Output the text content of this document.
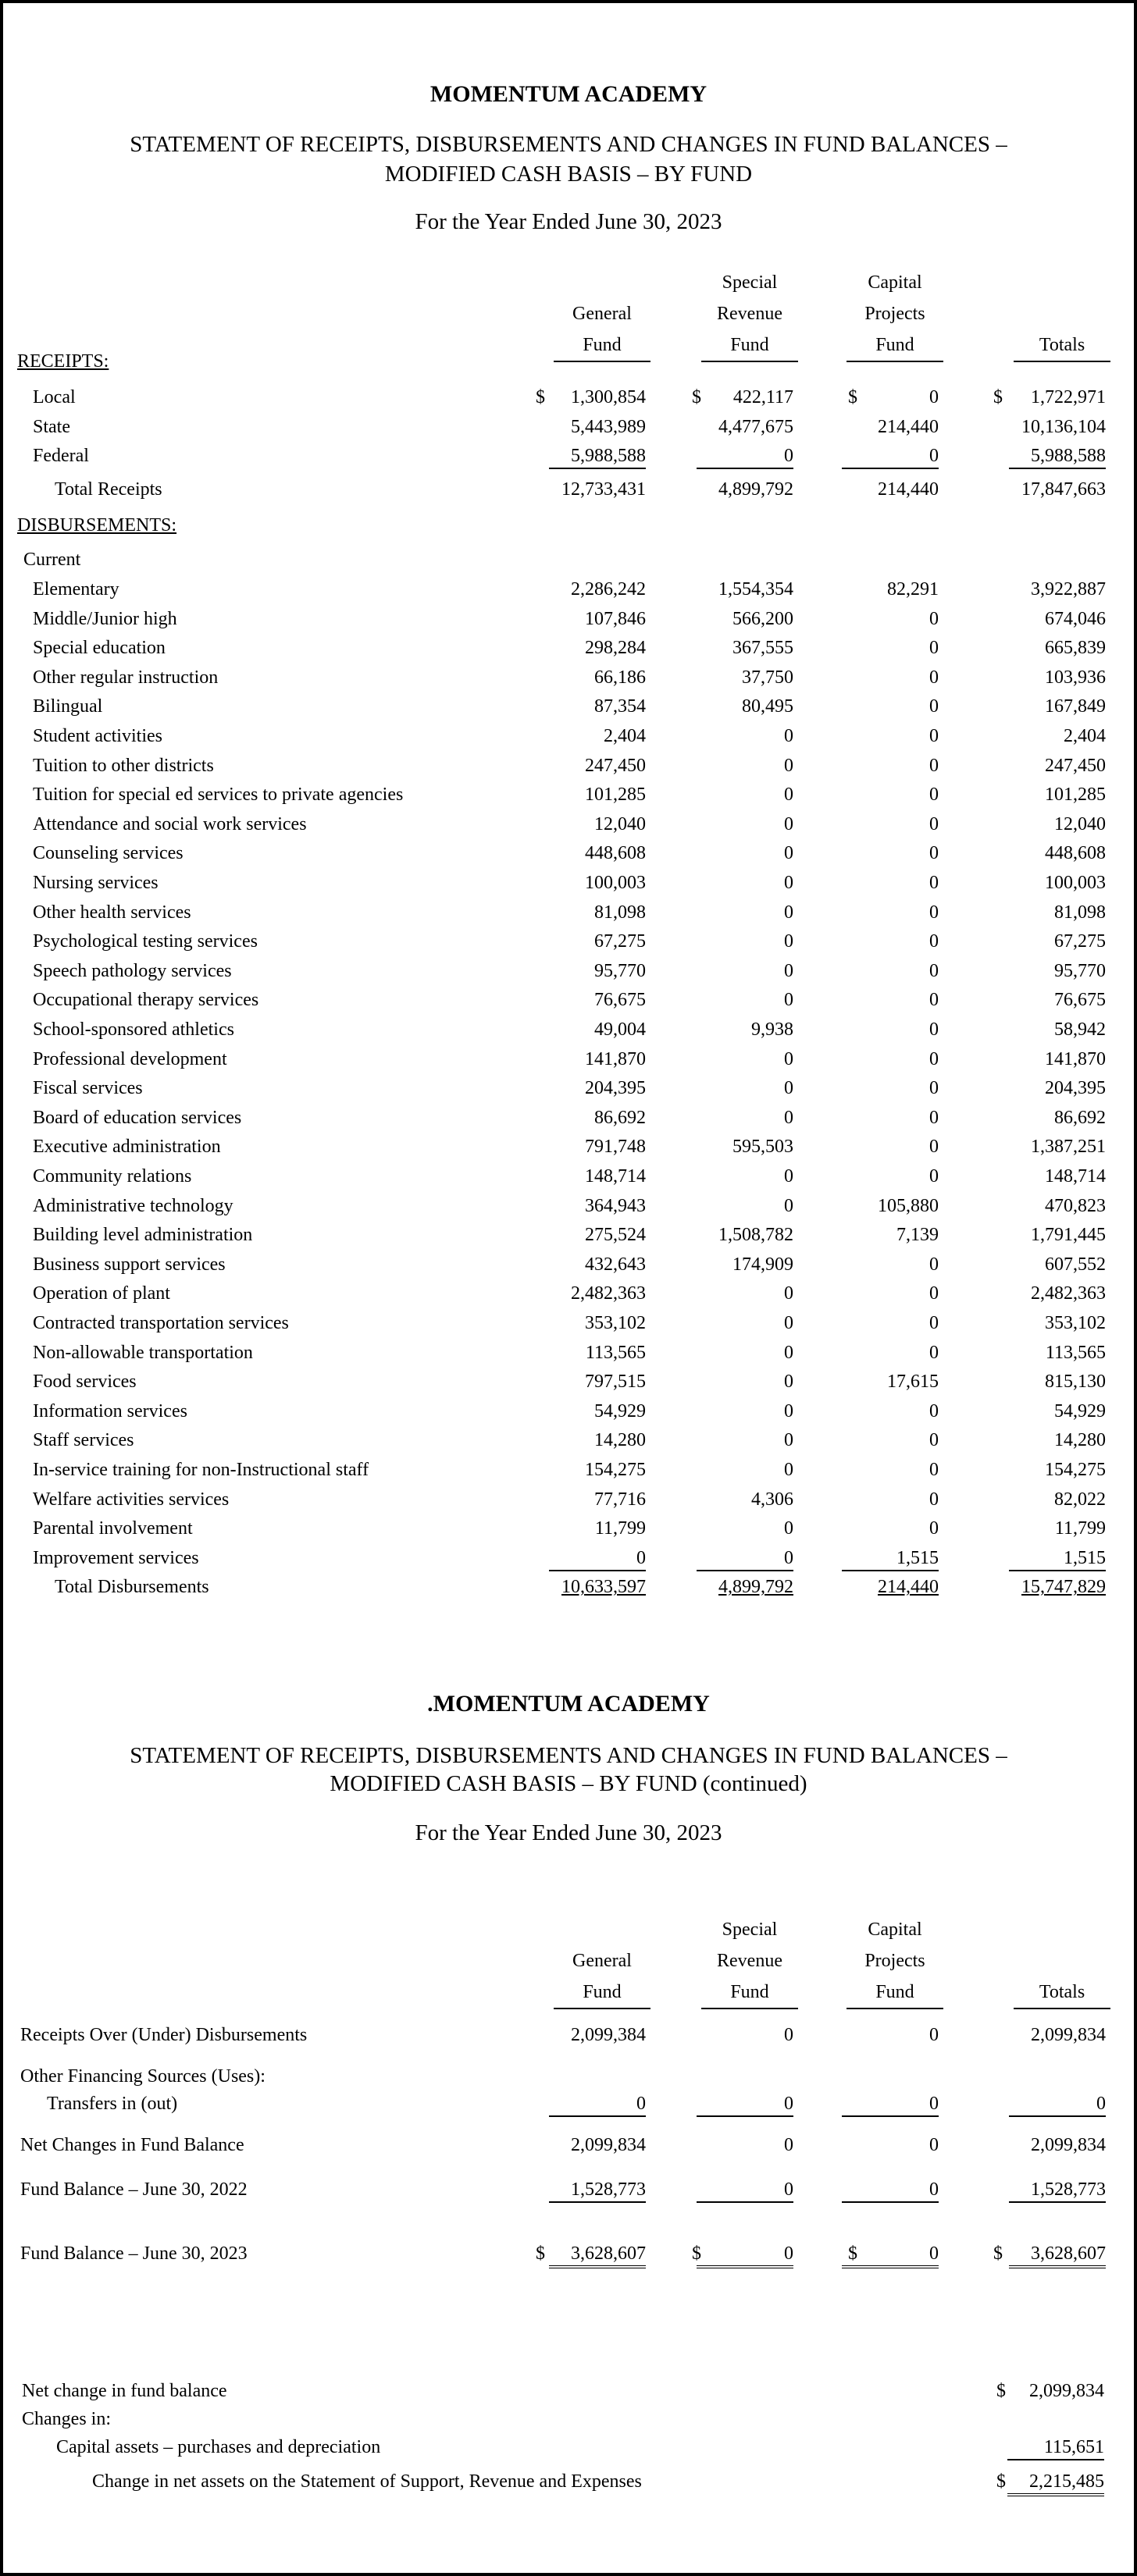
MOMENTUM ACADEMY
STATEMENT OF RECEIPTS, DISBURSEMENTS AND CHANGES IN FUND BALANCES –
MODIFIED CASH BASIS – BY FUND
For the Year Ended June 30, 2023
General
Fund
Special
Revenue
Fund
Capital
Projects
Fund	Totals
RECEIPTS:
Local	$	1,300,854 $	422,117	$	0	$	1,722,971
State	5,443,989	4,477,675	214,440	10,136,104
Federal	5,988,588	0	0	5,988,588
Total Receipts	12,733,431	4,899,792	214,440	17,847,663
DISBURSEMENTS:
Current
Elementary	2,286,242	1,554,354	82,291	3,922,887
Middle/Junior high	107,846	566,200	0	674,046
Special education	298,284	367,555	0	665,839
Other regular instruction	66,186	37,750	0	103,936
Bilingual	87,354	80,495	0	167,849
Student activities	2,404	0	0	2,404
Tuition to other districts	247,450	0	0	247,450
Tuition for special ed services to private agencies	101,285	0	0	101,285
Attendance and social work services	12,040	0	0	12,040
Counseling services	448,608	0	0	448,608
Nursing services	100,003	0	0	100,003
Other health services	81,098	0	0	81,098
Psychological testing services	67,275	0	0	67,275
Speech pathology services	95,770	0	0	95,770
Occupational therapy services	76,675	0	0	76,675
School-sponsored athletics	49,004	9,938	0	58,942
Professional development	141,870	0	0	141,870
Fiscal services	204,395	0	0	204,395
Board of education services	86,692	0	0	86,692
Executive administration	791,748	595,503	0	1,387,251
Community relations	148,714	0	0	148,714
Administrative technology	364,943	0	105,880	470,823
Building level administration	275,524	1,508,782	7,139	1,791,445
Business support services	432,643	174,909	0	607,552
Operation of plant	2,482,363	0	0	2,482,363
Contracted transportation services	353,102	0	0	353,102
Non-allowable transportation	113,565	0	0	113,565
Food services	797,515	0	17,615	815,130
Information services	54,929	0	0	54,929
Staff services	14,280	0	0	14,280
In-service training for non-Instructional staff	154,275	0	0	154,275
Welfare activities services	77,716	4,306	0	82,022
Parental involvement	11,799	0	0	11,799
Improvement services	0	0	1,515	1,515
Total Disbursements	10,633,597	4,899,792	214,440	15,747,829
.MOMENTUM ACADEMY
STATEMENT OF RECEIPTS, DISBURSEMENTS AND CHANGES IN FUND BALANCES –
MODIFIED CASH BASIS – BY FUND (continued)
For the Year Ended June 30, 2023
General
Fund
Special
Revenue
Fund
Capital
Projects
Fund	Totals
Receipts Over (Under) Disbursements	2,099,384	0	0	2,099,834
Other Financing Sources (Uses):
Transfers in (out)	0	0	0	0
Net Changes in Fund Balance	2,099,834	0	0	2,099,834
Fund Balance – June 30, 2022	1,528,773	0	0	1,528,773
Fund Balance – June 30, 2023	$	3,628,607 $	0	$	0	$	3,628,607
Net change in fund balance	$	2,099,834
Changes in:
Capital assets – purchases and depreciation	115,651
Change in net assets on the Statement of Support, Revenue and Expenses	$	2,215,485
